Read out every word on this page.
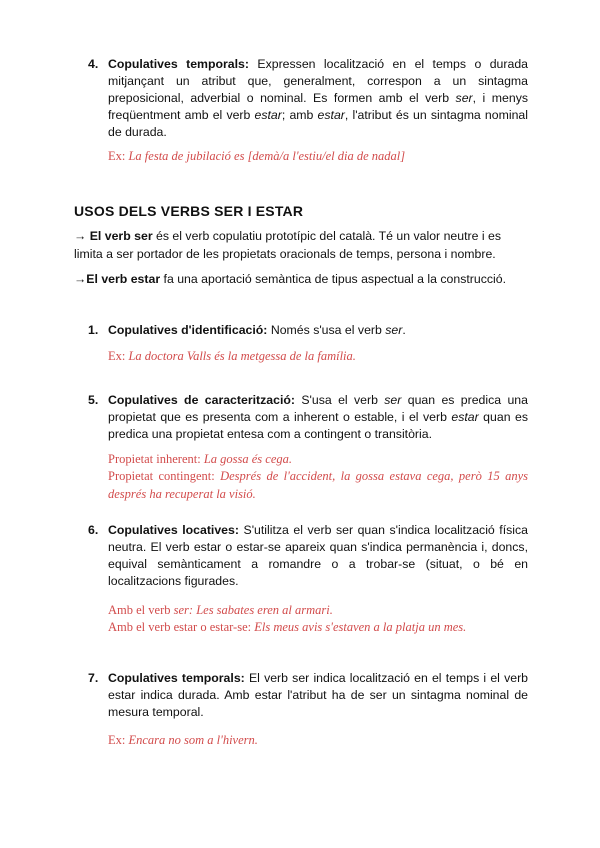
4. Copulatives temporals: Expressen localització en el temps o durada mitjançant un atribut que, generalment, correspon a un sintagma preposicional, adverbial o nominal. Es formen amb el verb ser, i menys freqüentment amb el verb estar; amb estar, l'atribut és un sintagma nominal de durada.
Ex: La festa de jubilació es [demà/a l'estiu/el dia de nadal]
USOS DELS VERBS SER I ESTAR
→ El verb ser és el verb copulatiu prototípic del català. Té un valor neutre i es limita a ser portador de les propietats oracionals de temps, persona i nombre.
→El verb estar fa una aportació semàntica de tipus aspectual a la construcció.
1. Copulatives d'identificació: Només s'usa el verb ser.
Ex: La doctora Valls és la metgessa de la família.
5. Copulatives de caracterització: S'usa el verb ser quan es predica una propietat que es presenta com a inherent o estable, i el verb estar quan es predica una propietat entesa com a contingent o transitòria.
Propietat inherent: La gossa és cega.
Propietat contingent: Després de l'accident, la gossa estava cega, però 15 anys després ha recuperat la visió.
6. Copulatives locatives: S'utilitza el verb ser quan s'indica localització física neutra. El verb estar o estar-se apareix quan s'indica permanència i, doncs, equival semànticament a romandre o a trobar-se (situat, o bé en localitzacions figurades.
Amb el verb ser: Les sabates eren al armari.
Amb el verb estar o estar-se: Els meus avis s'estaven a la platja un mes.
7. Copulatives temporals: El verb ser indica localització en el temps i el verb estar indica durada. Amb estar l'atribut ha de ser un sintagma nominal de mesura temporal.
Ex: Encara no som a l'hivern.
